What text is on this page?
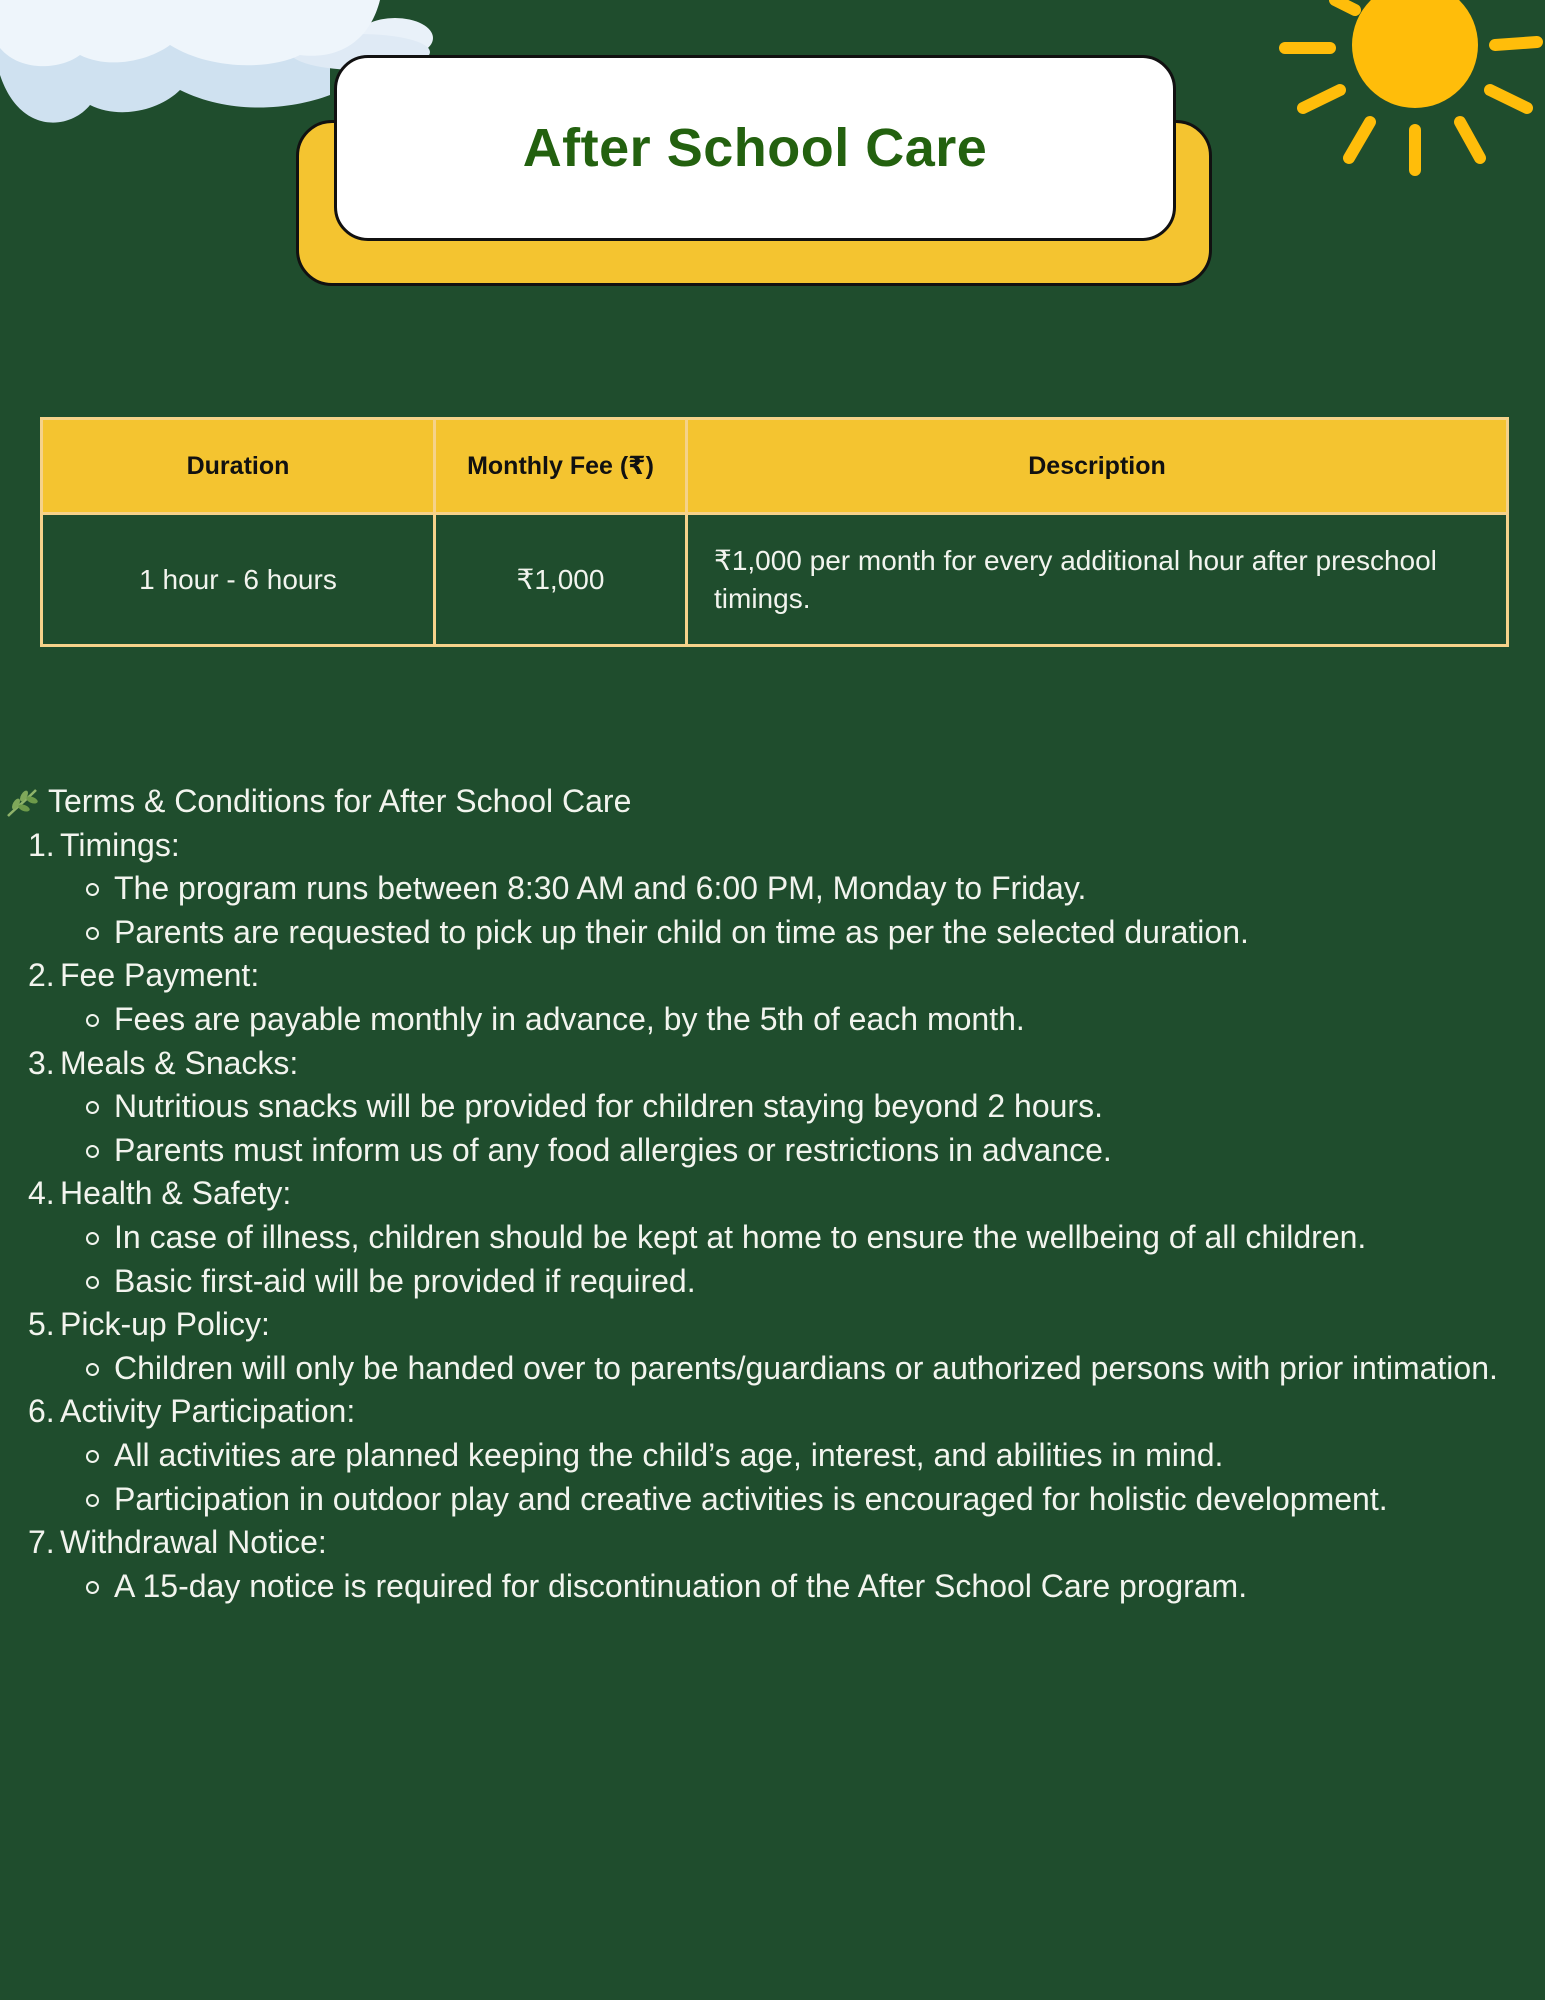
After School Care
Duration	Monthly Fee (₹)	Description
1 hour - 6 hours	₹1,000	₹1,000 per month for every additional hour after preschool timings.
Terms & Conditions for After School Care
1. Timings:
The program runs between 8:30 AM and 6:00 PM, Monday to Friday.
Parents are requested to pick up their child on time as per the selected duration.
2. Fee Payment:
Fees are payable monthly in advance, by the 5th of each month.
3. Meals & Snacks:
Nutritious snacks will be provided for children staying beyond 2 hours.
Parents must inform us of any food allergies or restrictions in advance.
4. Health & Safety:
In case of illness, children should be kept at home to ensure the wellbeing of all children.
Basic first-aid will be provided if required.
5. Pick-up Policy:
Children will only be handed over to parents/guardians or authorized persons with prior intimation.
6. Activity Participation:
All activities are planned keeping the child’s age, interest, and abilities in mind.
Participation in outdoor play and creative activities is encouraged for holistic development.
7. Withdrawal Notice:
A 15-day notice is required for discontinuation of the After School Care program.
